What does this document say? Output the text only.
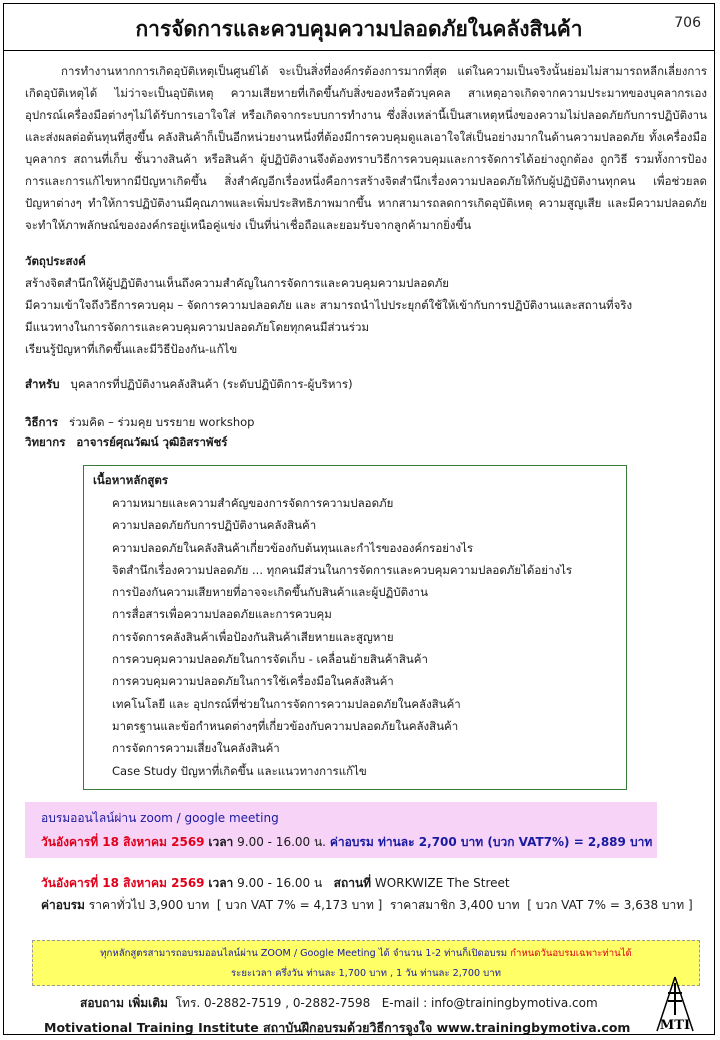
การจัดการและควบคุมความปลอดภัยในคลังสินค้า	706
การทำงานหากการเกิดอุบัติเหตุเป็นศูนย์ได้ จะเป็นสิ่งที่องค์กรต้องการมากที่สุด แต่ในความเป็นจริงนั้นย่อมไม่สามารถหลีกเลี่ยงการเกิดอุบัติเหตุได้ ไม่ว่าจะเป็นอุบัติเหตุ ความเสียหายที่เกิดขึ้นกับสิ่งของหรือตัวบุคคล สาเหตุอาจเกิดจากความประมาทของบุคลากรเอง อุปกรณ์เครื่องมือต่างๆไม่ได้รับการเอาใจใส่ หรือเกิดจากระบบการทำงาน ซึ่งสิ่งเหล่านี้เป็นสาเหตุหนึ่งของความไม่ปลอดภัยกับการปฏิบัติงาน และส่งผลต่อต้นทุนที่สูงขึ้น คลังสินค้าก็เป็นอีกหน่วยงานหนึ่งที่ต้องมีการควบคุมดูแลเอาใจใส่เป็นอย่างมากในด้านความปลอดภัย ทั้งเครื่องมือ บุคลากร สถานที่เก็บ ชั้นวางสินค้า หรือสินค้า ผู้ปฏิบัติงานจึงต้องทราบวิธีการควบคุมและการจัดการได้อย่างถูกต้อง ถูกวิธี รวมทั้งการป้องการและการแก้ไขหากมีปัญหาเกิดขึ้น สิ่งสำคัญอีกเรื่องหนึ่งคือการสร้างจิตสำนึกเรื่องความปลอดภัยให้กับผู้ปฏิบัติงานทุกคน เพื่อช่วยลดปัญหาต่างๆ ทำให้การปฏิบัติงานมีคุณภาพและเพิ่มประสิทธิภาพมากขึ้น หากสามารถลดการเกิดอุบัติเหตุ ความสูญเสีย และมีความปลอดภัยจะทำให้ภาพลักษณ์ขององค์กรอยู่เหนือคู่แข่ง เป็นที่น่าเชื่อถือและยอมรับจากลูกค้ามากยิ่งขึ้น
วัตถุประสงค์
สร้างจิตสำนึกให้ผู้ปฏิบัติงานเห็นถึงความสำคัญในการจัดการและควบคุมความปลอดภัย
มีความเข้าใจถึงวิธีการควบคุม – จัดการความปลอดภัย และ สามารถนำไปประยุกต์ใช้ให้เข้ากับการปฏิบัติงานและสถานที่จริง
มีแนวทางในการจัดการและควบคุมความปลอดภัยโดยทุกคนมีส่วนร่วม
เรียนรู้ปัญหาที่เกิดขึ้นและมีวิธีป้องกัน-แก้ไข
สำหรับ บุคลากรที่ปฏิบัติงานคลังสินค้า (ระดับปฏิบัติการ-ผู้บริหาร)
วิธีการ ร่วมคิด – ร่วมคุย บรรยาย workshop
วิทยากร อาจารย์ศุณวัฒน์ วุฒิอิสราพัชร์
เนื้อหาหลักสูตร
ความหมายและความสำคัญของการจัดการความปลอดภัย
ความปลอดภัยกับการปฏิบัติงานคลังสินค้า
ความปลอดภัยในคลังสินค้าเกี่ยวข้องกับต้นทุนและกำไรขององค์กรอย่างไร
จิตสำนึกเรื่องความปลอดภัย ... ทุกคนมีส่วนในการจัดการและควบคุมความปลอดภัยได้อย่างไร
การป้องกันความเสียหายที่อาจจะเกิดขึ้นกับสินค้าและผู้ปฏิบัติงาน
การสื่อสารเพื่อความปลอดภัยและการควบคุม
การจัดการคลังสินค้าเพื่อป้องกันสินค้าเสียหายและสูญหาย
การควบคุมความปลอดภัยในการจัดเก็บ - เคลื่อนย้ายสินค้าสินค้า
การควบคุมความปลอดภัยในการใช้เครื่องมือในคลังสินค้า
เทคโนโลยี และ อุปกรณ์ที่ช่วยในการจัดการความปลอดภัยในคลังสินค้า
มาตรฐานและข้อกำหนดต่างๆที่เกี่ยวข้องกับความปลอดภัยในคลังสินค้า
การจัดการความเสี่ยงในคลังสินค้า
Case Study ปัญหาที่เกิดขึ้น และแนวทางการแก้ไข
อบรมออนไลน์ผ่าน zoom / google meeting
วันอังคารที่ 18 สิงหาคม 2569 เวลา 9.00 - 16.00 น. ค่าอบรม ท่านละ 2,700 บาท (บวก VAT7%) = 2,889 บาท
วันอังคารที่ 18 สิงหาคม 2569 เวลา 9.00 - 16.00 น สถานที่ WORKWIZE The Street
ค่าอบรม ราคาทั่วไป 3,900 บาท [ บวก VAT 7% = 4,173 บาท ] ราคาสมาชิก 3,400 บาท [ บวก VAT 7% = 3,638 บาท ]
ทุกหลักสูตรสามารถอบรมออนไลน์ผ่าน ZOOM / Google Meeting ได้ จำนวน 1-2 ท่านก็เปิดอบรม กำหนดวันอบรมเฉพาะท่านได้
ระยะเวลา ครึ่งวัน ท่านละ 1,700 บาท , 1 วัน ท่านละ 2,700 บาท
สอบถาม เพิ่มเติม โทร. 0-2882-7519 , 0-2882-7598 E-mail : info@trainingbymotiva.com
Motivational Training Institute สถาบันฝึกอบรมด้วยวิธีการจูงใจ www.trainingbymotiva.com MTI
